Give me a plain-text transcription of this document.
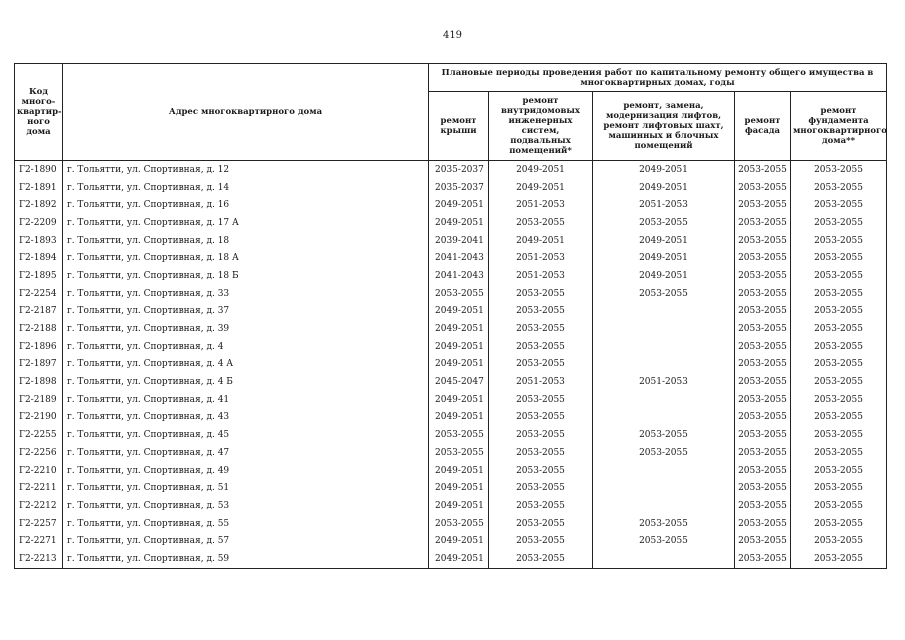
419
Код много-квартир-ного дома	Адрес многоквартирного дома	Плановые периоды проведения работ по капитальному ремонту общего имущества в многоквартирных домах, годы				
		ремонт крыши	ремонт внутридомовых инженерных систем, подвальных помещений*	ремонт, замена, модернизация лифтов, ремонт лифтовых шахт, машинных и блочных помещений	ремонт фасада	ремонт фундамента многоквартирного дома**
Г2-1890	г. Тольятти, ул. Спортивная, д. 12	2035-2037	2049-2051	2049-2051	2053-2055	2053-2055
Г2-1891	г. Тольятти, ул. Спортивная, д. 14	2035-2037	2049-2051	2049-2051	2053-2055	2053-2055
Г2-1892	г. Тольятти, ул. Спортивная, д. 16	2049-2051	2051-2053	2051-2053	2053-2055	2053-2055
Г2-2209	г. Тольятти, ул. Спортивная, д. 17 А	2049-2051	2053-2055	2053-2055	2053-2055	2053-2055
Г2-1893	г. Тольятти, ул. Спортивная, д. 18	2039-2041	2049-2051	2049-2051	2053-2055	2053-2055
Г2-1894	г. Тольятти, ул. Спортивная, д. 18 А	2041-2043	2051-2053	2049-2051	2053-2055	2053-2055
Г2-1895	г. Тольятти, ул. Спортивная, д. 18 Б	2041-2043	2051-2053	2049-2051	2053-2055	2053-2055
Г2-2254	г. Тольятти, ул. Спортивная, д. 33	2053-2055	2053-2055	2053-2055	2053-2055	2053-2055
Г2-2187	г. Тольятти, ул. Спортивная, д. 37	2049-2051	2053-2055		2053-2055	2053-2055
Г2-2188	г. Тольятти, ул. Спортивная, д. 39	2049-2051	2053-2055		2053-2055	2053-2055
Г2-1896	г. Тольятти, ул. Спортивная, д. 4	2049-2051	2053-2055		2053-2055	2053-2055
Г2-1897	г. Тольятти, ул. Спортивная, д. 4 А	2049-2051	2053-2055		2053-2055	2053-2055
Г2-1898	г. Тольятти, ул. Спортивная, д. 4 Б	2045-2047	2051-2053	2051-2053	2053-2055	2053-2055
Г2-2189	г. Тольятти, ул. Спортивная, д. 41	2049-2051	2053-2055		2053-2055	2053-2055
Г2-2190	г. Тольятти, ул. Спортивная, д. 43	2049-2051	2053-2055		2053-2055	2053-2055
Г2-2255	г. Тольятти, ул. Спортивная, д. 45	2053-2055	2053-2055	2053-2055	2053-2055	2053-2055
Г2-2256	г. Тольятти, ул. Спортивная, д. 47	2053-2055	2053-2055	2053-2055	2053-2055	2053-2055
Г2-2210	г. Тольятти, ул. Спортивная, д. 49	2049-2051	2053-2055		2053-2055	2053-2055
Г2-2211	г. Тольятти, ул. Спортивная, д. 51	2049-2051	2053-2055		2053-2055	2053-2055
Г2-2212	г. Тольятти, ул. Спортивная, д. 53	2049-2051	2053-2055		2053-2055	2053-2055
Г2-2257	г. Тольятти, ул. Спортивная, д. 55	2053-2055	2053-2055	2053-2055	2053-2055	2053-2055
Г2-2271	г. Тольятти, ул. Спортивная, д. 57	2049-2051	2053-2055	2053-2055	2053-2055	2053-2055
Г2-2213	г. Тольятти, ул. Спортивная, д. 59	2049-2051	2053-2055		2053-2055	2053-2055
